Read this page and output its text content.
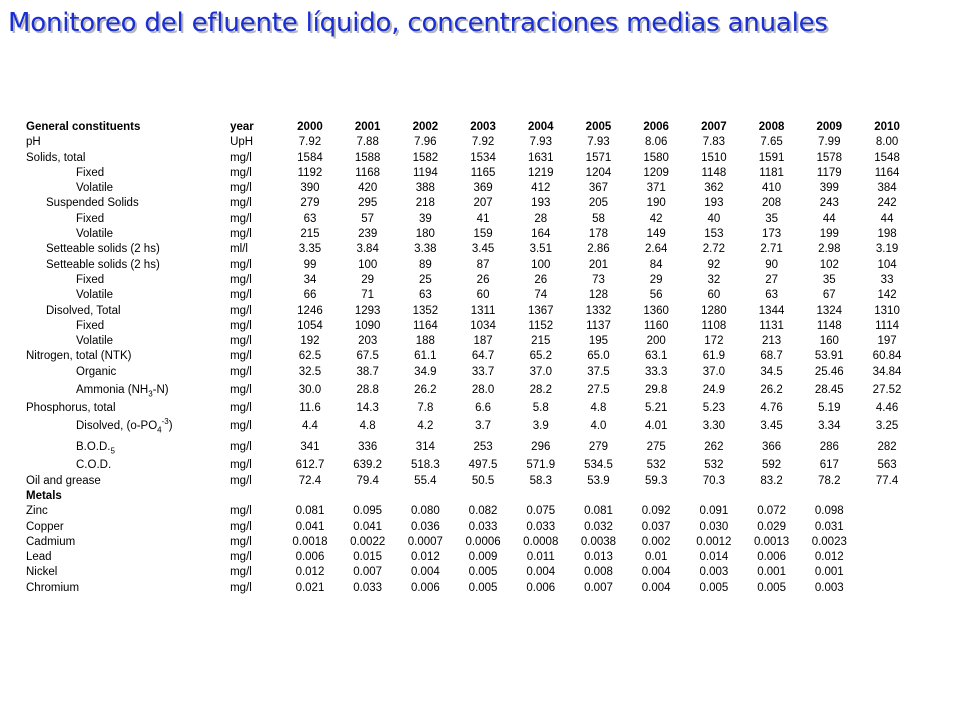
Monitoreo del efluente líquido, concentraciones medias anuales
General constituents	year	2000	2001	2002	2003	2004	2005	2006	2007	2008	2009	2010
pH	UpH	7.92	7.88	7.96	7.92	7.93	7.93	8.06	7.83	7.65	7.99	8.00
Solids, total	mg/l	1584	1588	1582	1534	1631	1571	1580	1510	1591	1578	1548
Fixed	mg/l	1192	1168	1194	1165	1219	1204	1209	1148	1181	1179	1164
Volatile	mg/l	390	420	388	369	412	367	371	362	410	399	384
Suspended Solids	mg/l	279	295	218	207	193	205	190	193	208	243	242
Fixed	mg/l	63	57	39	41	28	58	42	40	35	44	44
Volatile	mg/l	215	239	180	159	164	178	149	153	173	199	198
Setteable solids (2 hs)	ml/l	3.35	3.84	3.38	3.45	3.51	2.86	2.64	2.72	2.71	2.98	3.19
Setteable solids (2 hs)	mg/l	99	100	89	87	100	201	84	92	90	102	104
Fixed	mg/l	34	29	25	26	26	73	29	32	27	35	33
Volatile	mg/l	66	71	63	60	74	128	56	60	63	67	142
Disolved, Total	mg/l	1246	1293	1352	1311	1367	1332	1360	1280	1344	1324	1310
Fixed	mg/l	1054	1090	1164	1034	1152	1137	1160	1108	1131	1148	1114
Volatile	mg/l	192	203	188	187	215	195	200	172	213	160	197
Nitrogen, total (NTK)	mg/l	62.5	67.5	61.1	64.7	65.2	65.0	63.1	61.9	68.7	53.91	60.84
Organic	mg/l	32.5	38.7	34.9	33.7	37.0	37.5	33.3	37.0	34.5	25.46	34.84
Ammonia $(NH_3-N)$	mg/l	30.0	28.8	26.2	28.0	28.2	27.5	29.8	24.9	26.2	28.45	27.52
Phosphorus, total	mg/l	11.6	14.3	7.8	6.6	5.8	4.8	5.21	5.23	4.76	5.19	4.46
Disolved, $(o-PO_4^{-3})$	mg/l	4.4	4.8	4.2	3.7	3.9	4.0	4.01	3.30	3.45	3.34	3.25
$B.O.D._5$	mg/l	341	336	314	253	296	279	275	262	366	286	282
C.O.D.	mg/l	612.7	639.2	518.3	497.5	571.9	534.5	532	532	592	617	563
Oil and grease	mg/l	72.4	79.4	55.4	50.5	58.3	53.9	59.3	70.3	83.2	78.2	77.4
Metals												
Zinc	mg/l	0.081	0.095	0.080	0.082	0.075	0.081	0.092	0.091	0.072	0.098	
Copper	mg/l	0.041	0.041	0.036	0.033	0.033	0.032	0.037	0.030	0.029	0.031	
Cadmium	mg/l	0.0018	0.0022	0.0007	0.0006	0.0008	0.0038	0.002	0.0012	0.0013	0.0023	
Lead	mg/l	0.006	0.015	0.012	0.009	0.011	0.013	0.01	0.014	0.006	0.012	
Nickel	mg/l	0.012	0.007	0.004	0.005	0.004	0.008	0.004	0.003	0.001	0.001	
Chromium	mg/l	0.021	0.033	0.006	0.005	0.006	0.007	0.004	0.005	0.005	0.003	
